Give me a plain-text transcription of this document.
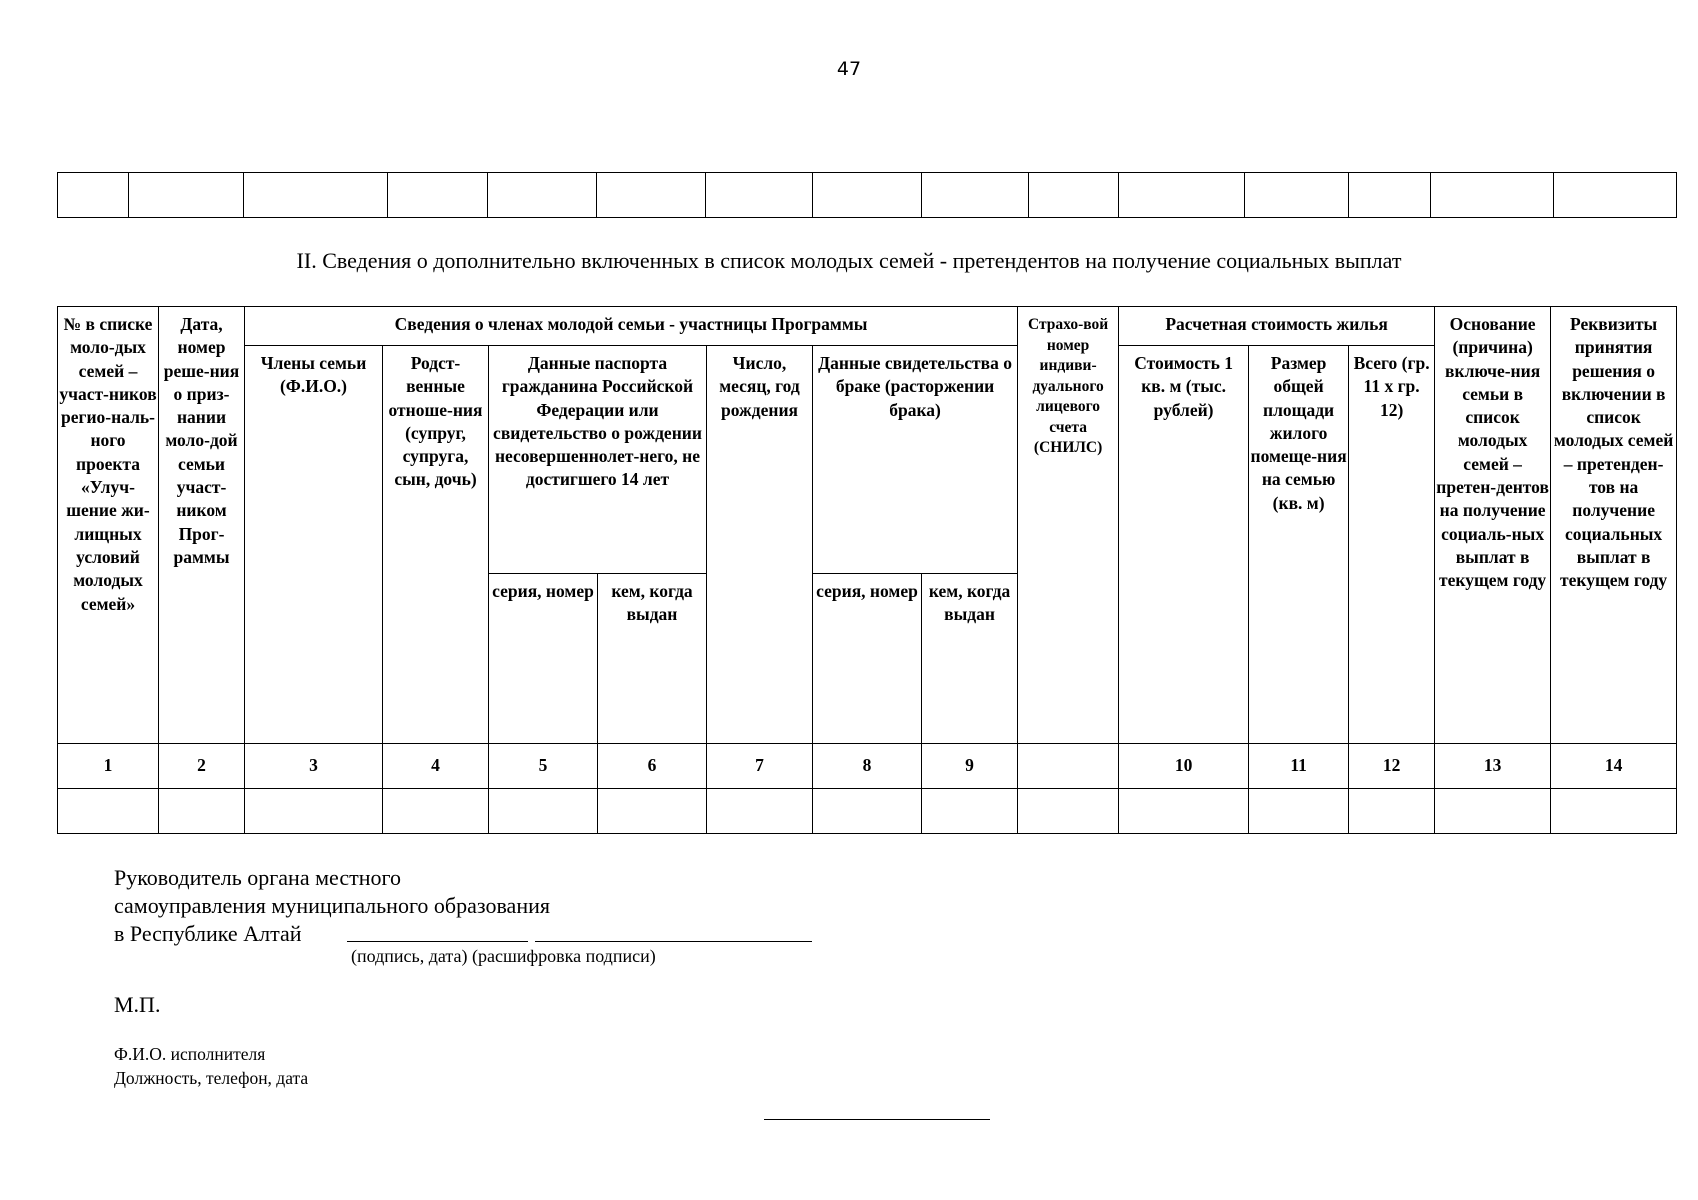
47

II. Сведения о дополнительно включенных в список молодых семей - претендентов на получение социальных выплат
№ в списке моло-дых семей – участ-ников регио-наль-ного проекта «Улуч-шение жи-лищных условий молодых семей»	Дата, номер реше-ния о приз-нании моло-дой семьи участ-ником Прог-раммы	Сведения о членах молодой семьи - участницы Программы							Страхо-вой номер индиви-дуального лицевого счета (СНИЛС)	Расчетная стоимость жилья			Основание (причина) включе-ния семьи в список молодых семей – претен-дентов на получение социаль-ных выплат в текущем году	Реквизиты принятия решения о включении в список молодых семей – претенден-тов на получение социальных выплат в текущем году
		Члены семьи (Ф.И.О.)	Родст-венные отноше-ния (супруг, супруга, сын, дочь)	Данные паспорта гражданина Российской Федерации или свидетельство о рождении несовершеннолет-него, не достигшего 14 лет		Число, месяц, год рождения	Данные свидетельства о браке (расторжении брака)			Стоимость 1 кв. м (тыс. рублей)	Размер общей площади жилого помеще-ния на семью (кв. м)	Всего (гр. 11 х гр. 12)		
				серия, номер	кем, когда выдан		серия, номер	кем, когда выдан						
1	2	3	4	5	6	7	8	9		10	11	12	13	14

Руководитель органа местного
самоуправления муниципального образования
в Республике Алтай
(подпись, дата) (расшифровка подписи)
М.П.
Ф.И.О. исполнителя
Должность, телефон, дата
